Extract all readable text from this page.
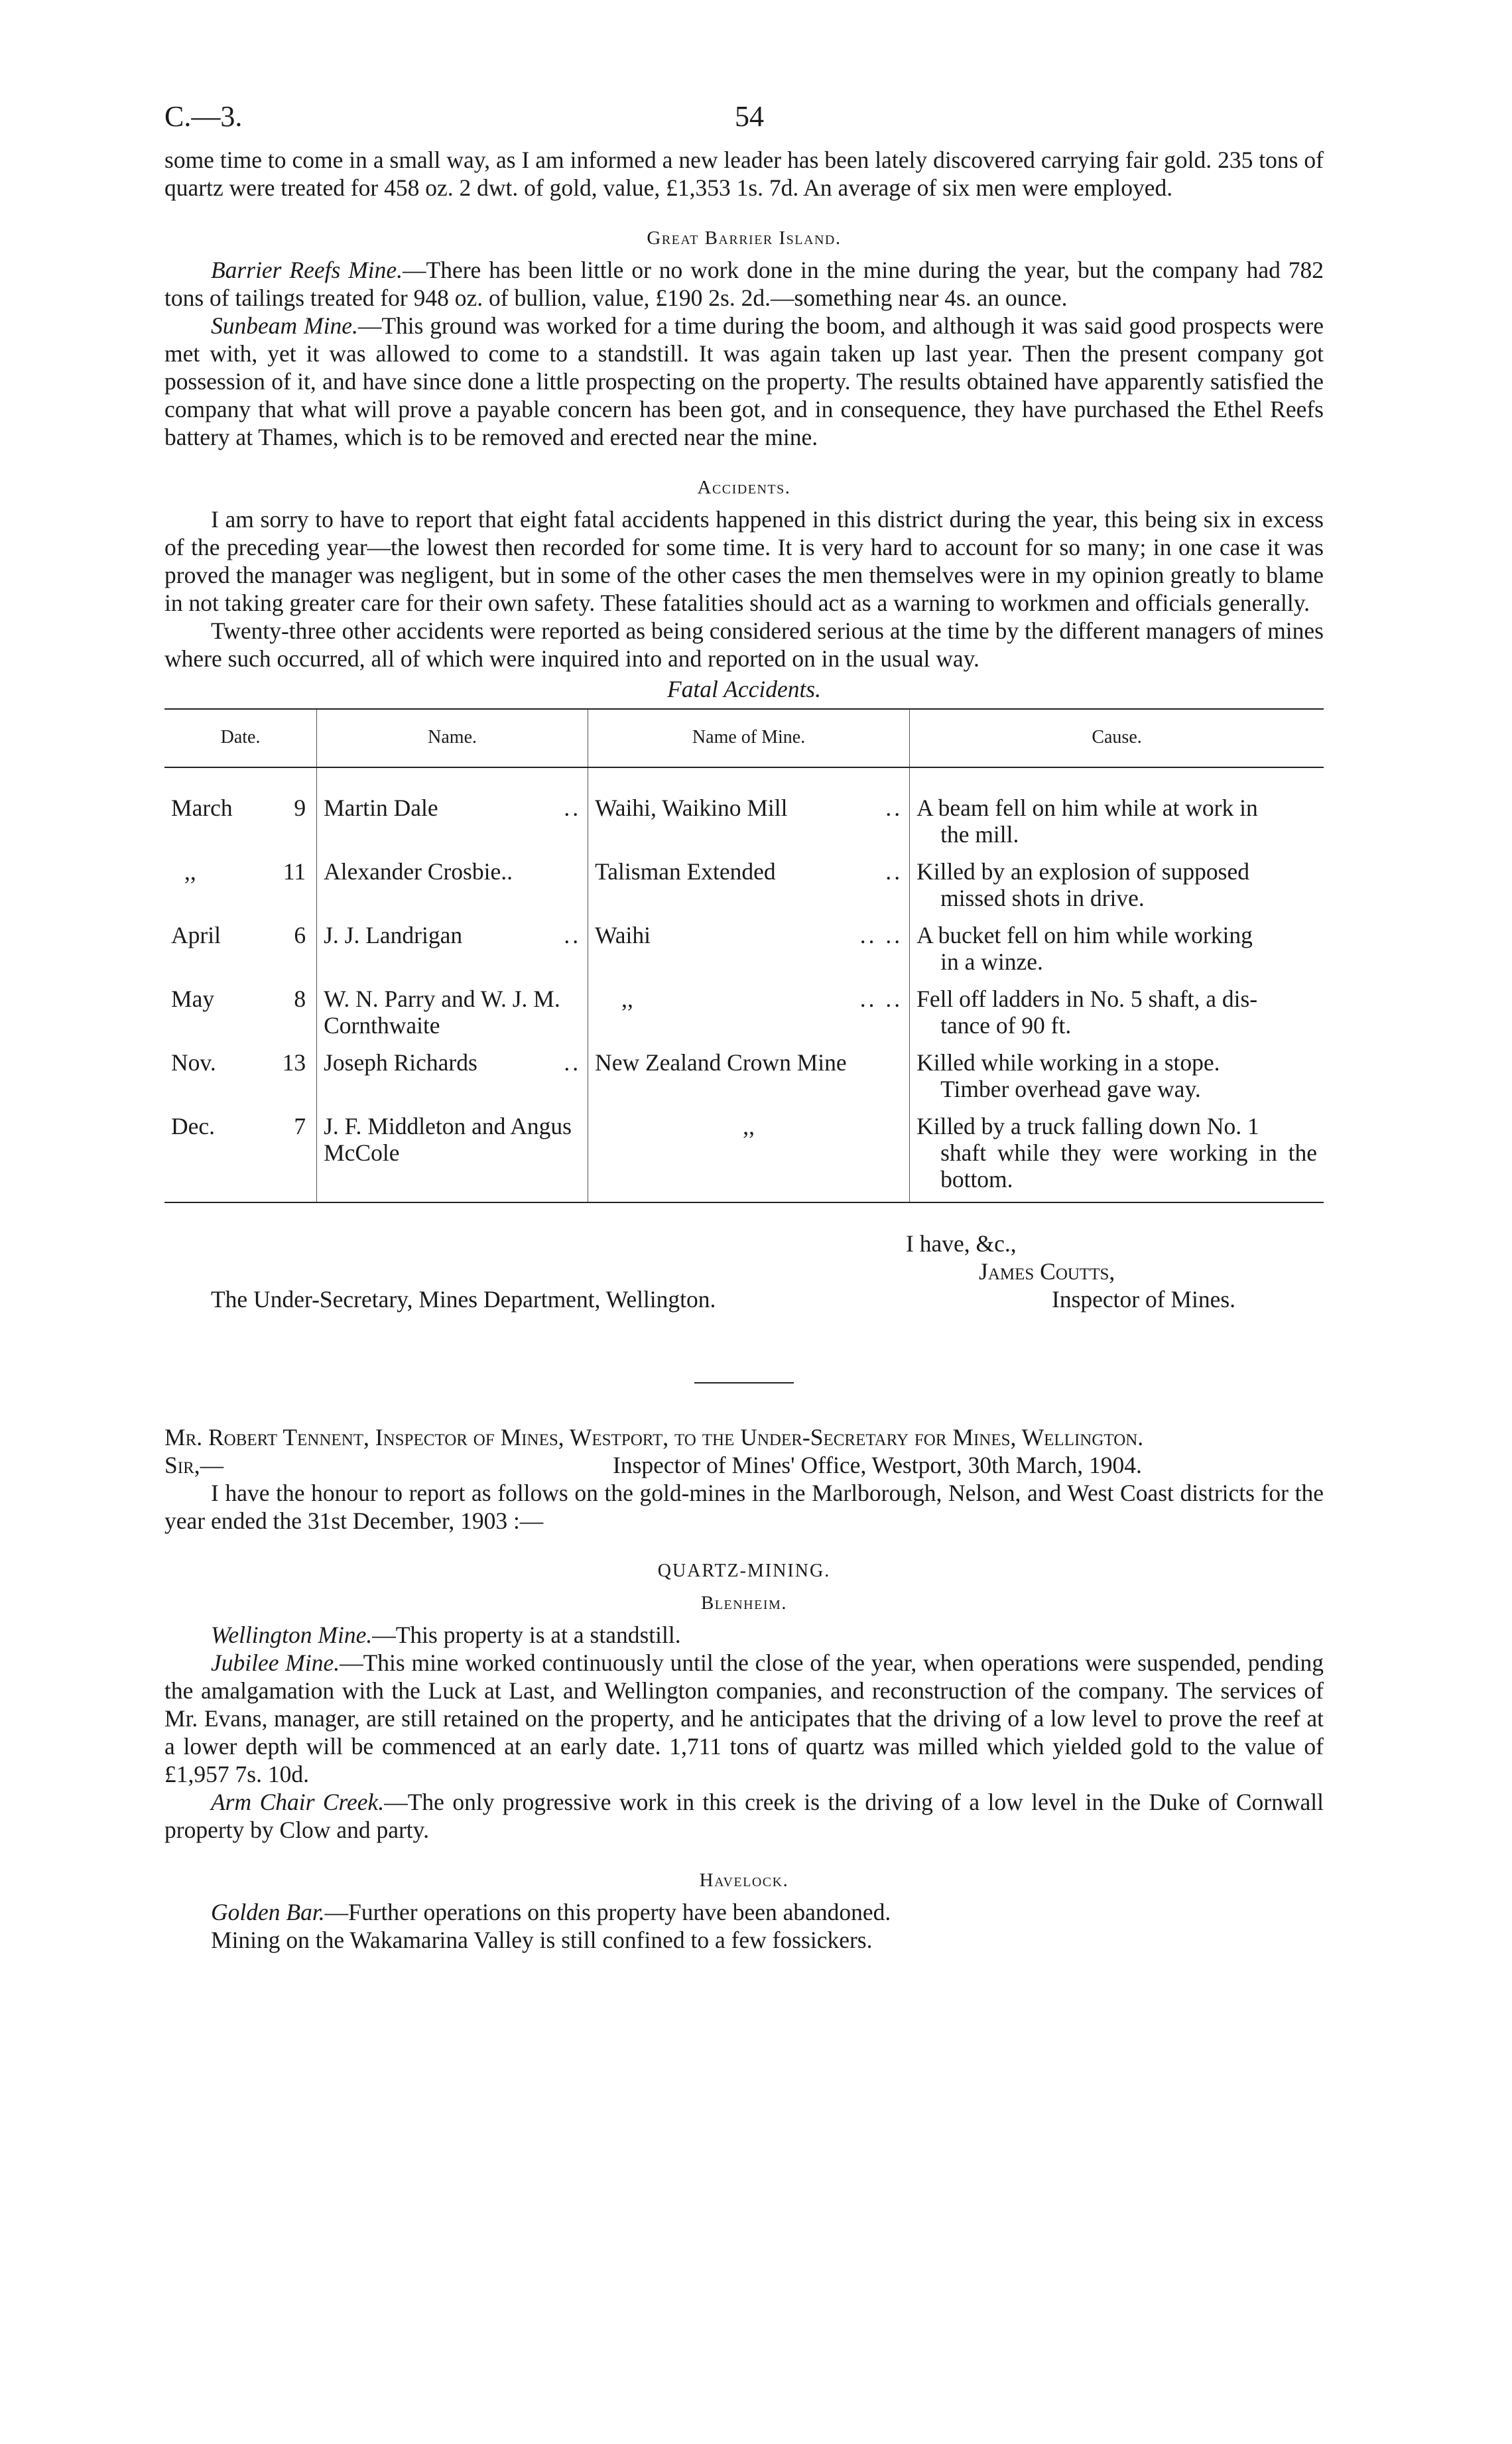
C.—3.	54

some time to come in a small way, as I am informed a new leader has been lately discovered carrying fair gold. 235 tons of quartz were treated for 458 oz. 2 dwt. of gold, value, £1,353 1s. 7d. An average of six men were employed.

Great Barrier Island.

Barrier Reefs Mine.—There has been little or no work done in the mine during the year, but the company had 782 tons of tailings treated for 948 oz. of bullion, value, £190 2s. 2d.—something near 4s. an ounce.

Sunbeam Mine.—This ground was worked for a time during the boom, and although it was said good prospects were met with, yet it was allowed to come to a standstill. It was again taken up last year. Then the present company got possession of it, and have since done a little prospecting on the property. The results obtained have apparently satisfied the company that what will prove a payable concern has been got, and in consequence, they have purchased the Ethel Reefs battery at Thames, which is to be removed and erected near the mine.

Accidents.

I am sorry to have to report that eight fatal accidents happened in this district during the year, this being six in excess of the preceding year—the lowest then recorded for some time. It is very hard to account for so many; in one case it was proved the manager was negligent, but in some of the other cases the men themselves were in my opinion greatly to blame in not taking greater care for their own safety. These fatalities should act as a warning to workmen and officials generally.

Twenty-three other accidents were reported as being considered serious at the time by the different managers of mines where such occurred, all of which were inquired into and reported on in the usual way.

Fatal Accidents.
Date.		Name.	Name of Mine.	Cause.
March	9	Martin Dale ..	Waihi, Waikino Mill ..	A beam fell on him while at work in
the mill.

,,	11	Alexander Crosbie..	Talisman Extended ..	Killed by an explosion of supposed
missed shots in drive.

April	6	J. J. Landrigan ..	Waihi .. ..	A bucket fell on him while working
in a winze.

May	8	W. N. Parry and W. J. M. Cornthwaite	,, .. ..	Fell off ladders in No. 5 shaft, a dis-
tance of 90 ft.

Nov.	13	Joseph Richards ..	New Zealand Crown Mine	Killed while working in a stope.
Timber overhead gave way.

Dec.	7	J. F. Middleton and Angus McCole	,,	Killed by a truck falling down No. 1
shaft while they were working in the bottom.
I have, &c.,
James Coutts,
Inspector of Mines.
The Under-Secretary, Mines Department, Wellington.

Mr. Robert Tennent, Inspector of Mines, Westport, to the Under-Secretary for Mines, Wellington.

Sir,—	Inspector of Mines' Office, Westport, 30th March, 1904.

I have the honour to report as follows on the gold-mines in the Marlborough, Nelson, and West Coast districts for the year ended the 31st December, 1903 :—

QUARTZ-MINING.
Blenheim.

Wellington Mine.—This property is at a standstill.

Jubilee Mine.—This mine worked continuously until the close of the year, when operations were suspended, pending the amalgamation with the Luck at Last, and Wellington companies, and reconstruction of the company. The services of Mr. Evans, manager, are still retained on the property, and he anticipates that the driving of a low level to prove the reef at a lower depth will be commenced at an early date. 1,711 tons of quartz was milled which yielded gold to the value of £1,957 7s. 10d.

Arm Chair Creek.—The only progressive work in this creek is the driving of a low level in the Duke of Cornwall property by Clow and party.

Havelock.

Golden Bar.—Further operations on this property have been abandoned.

Mining on the Wakamarina Valley is still confined to a few fossickers.
